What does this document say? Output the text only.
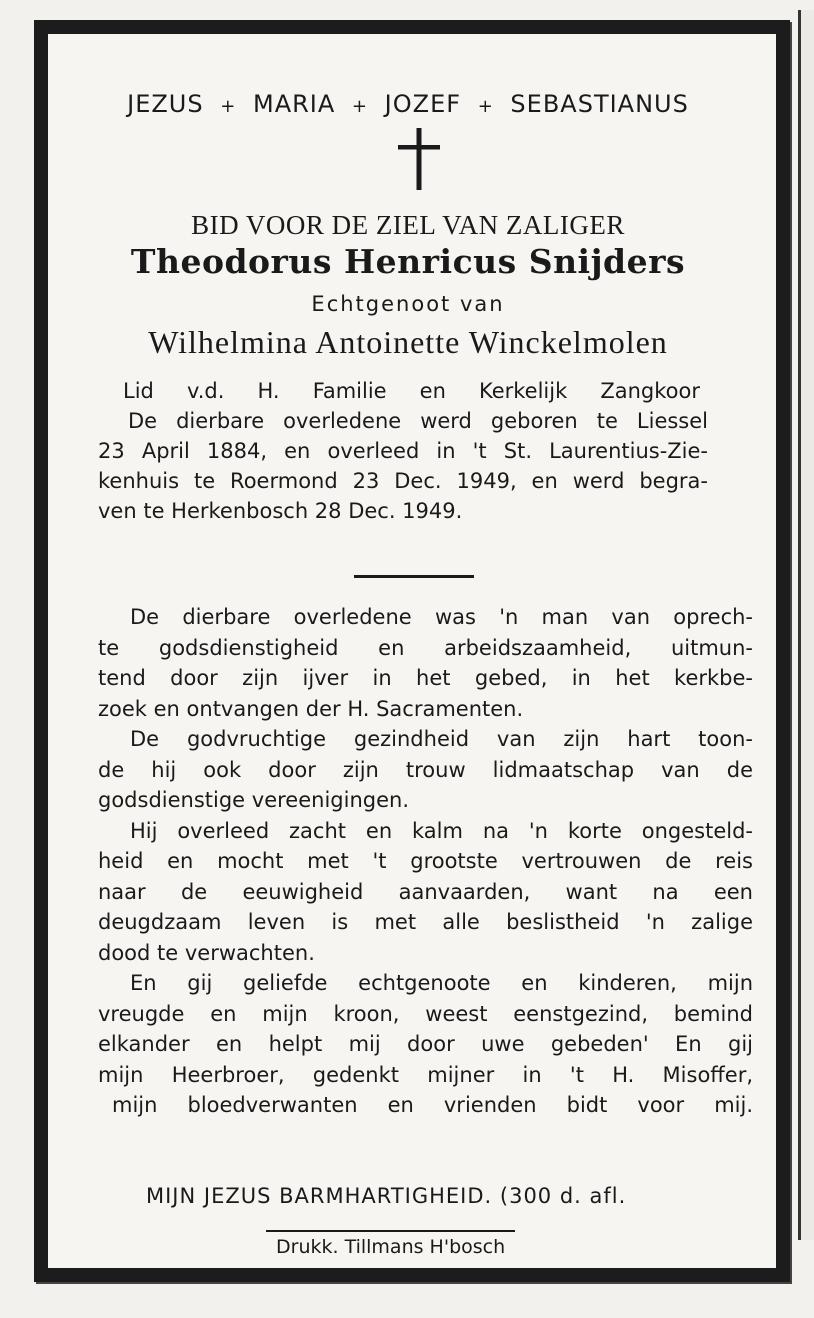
JEZUS + MARIA + JOZEF + SEBASTIANUS
BID VOOR DE ZIEL VAN ZALIGER
Theodorus Henricus Snijders
Echtgenoot van
Wilhelmina Antoinette Winckelmolen
Lid v.d. H. Familie en Kerkelijk Zangkoor
De dierbare overledene werd geboren te Liessel
23 April 1884, en overleed in 't St. Laurentius-Zie-
kenhuis te Roermond 23 Dec. 1949, en werd begra-
ven te Herkenbosch 28 Dec. 1949.
De dierbare overledene was 'n man van oprech-
te godsdienstigheid en arbeidszaamheid, uitmun-
tend door zijn ijver in het gebed, in het kerkbe-
zoek en ontvangen der H. Sacramenten.
De godvruchtige gezindheid van zijn hart toon-
de hij ook door zijn trouw lidmaatschap van de
godsdienstige vereenigingen.
Hij overleed zacht en kalm na 'n korte ongesteld-
heid en mocht met 't grootste vertrouwen de reis
naar de eeuwigheid aanvaarden, want na een
deugdzaam leven is met alle beslistheid 'n zalige
dood te verwachten.
En gij geliefde echtgenoote en kinderen, mijn
vreugde en mijn kroon, weest eenstgezind, bemind
elkander en helpt mij door uwe gebeden' En gij
mijn Heerbroer, gedenkt mijner in 't H. Misoffer,
mijn bloedverwanten en vrienden bidt voor mij.
MIJN JEZUS BARMHARTIGHEID. (300 d. afl.
Drukk. Tillmans H'bosch
